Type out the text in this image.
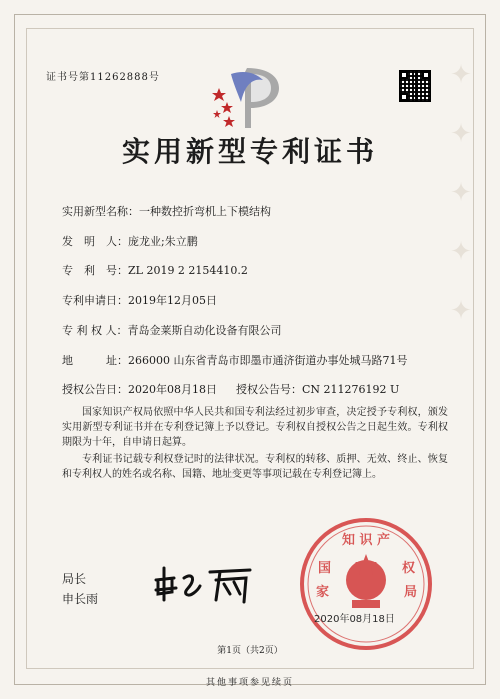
✦ ✦ ✦ ✦ ✦
证书号第11262888号
实用新型专利证书
实用新型名称：一种数控折弯机上下模结构
发　明　人：庞龙业;朱立鹏
专　利　号：ZL 2019 2 2154410.2
专利申请日：2019年12月05日
专 利 权 人：青岛金莱斯自动化设备有限公司
地　　　址：266000 山东省青岛市即墨市通济街道办事处城马路71号
授权公告日：2020年08月18日 授权公告号：CN 211276192 U
国家知识产权局依照中华人民共和国专利法经过初步审查，决定授予专利权，颁发实用新型专利证书并在专利登记簿上予以登记。专利权自授权公告之日起生效。专利权期限为十年，自申请日起算。
专利证书记载专利权登记时的法律状况。专利权的转移、质押、无效、终止、恢复和专利权人的姓名或名称、国籍、地址变更等事项记载在专利登记簿上。
局长
申长雨
知 识 产
国
家
权
局
2020年08月18日
第1页（共2页）
其他事项参见续页
